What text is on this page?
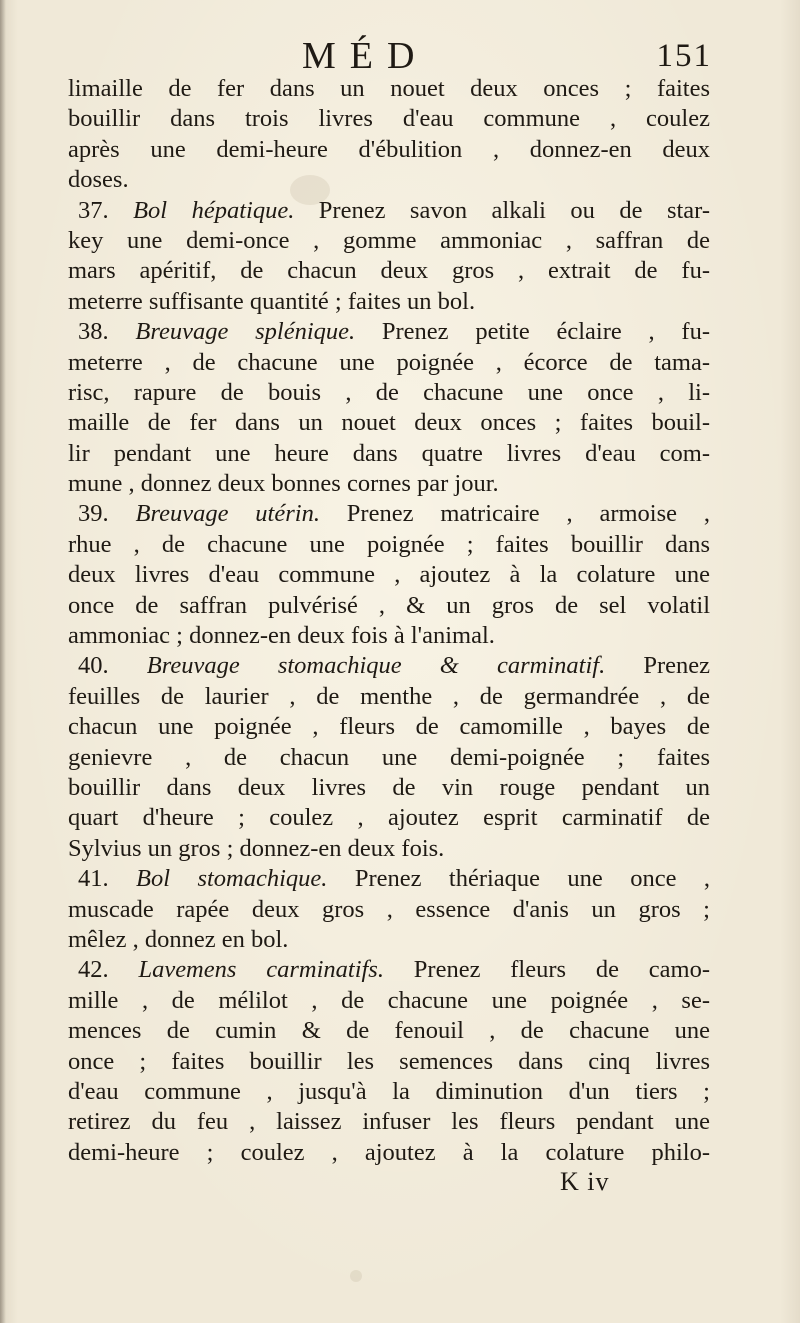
MÉD	151
limaille de fer dans un nouet deux onces ; faites
bouillir dans trois livres d'eau commune , coulez
après une demi-heure d'ébulition , donnez-en deux
doses.
37. Bol hépatique. Prenez savon alkali ou de star-
key une demi-once , gomme ammoniac , saffran de
mars apéritif, de chacun deux gros , extrait de fu-
meterre suffisante quantité ; faites un bol.
38. Breuvage splénique. Prenez petite éclaire , fu-
meterre , de chacune une poignée , écorce de tama-
risc, rapure de bouis , de chacune une once , li-
maille de fer dans un nouet deux onces ; faites bouil-
lir pendant une heure dans quatre livres d'eau com-
mune , donnez deux bonnes cornes par jour.
39. Breuvage utérin. Prenez matricaire , armoise ,
rhue , de chacune une poignée ; faites bouillir dans
deux livres d'eau commune , ajoutez à la colature une
once de saffran pulvérisé , & un gros de sel volatil
ammoniac ; donnez-en deux fois à l'animal.
40. Breuvage stomachique & carminatif. Prenez
feuilles de laurier , de menthe , de germandrée , de
chacun une poignée , fleurs de camomille , bayes de
genievre , de chacun une demi-poignée ; faites
bouillir dans deux livres de vin rouge pendant un
quart d'heure ; coulez , ajoutez esprit carminatif de
Sylvius un gros ; donnez-en deux fois.
41. Bol stomachique. Prenez thériaque une once ,
muscade rapée deux gros , essence d'anis un gros ;
mêlez , donnez en bol.
42. Lavemens carminatifs. Prenez fleurs de camo-
mille , de mélilot , de chacune une poignée , se-
mences de cumin & de fenouil , de chacune une
once ; faites bouillir les semences dans cinq livres
d'eau commune , jusqu'à la diminution d'un tiers ;
retirez du feu , laissez infuser les fleurs pendant une
demi-heure ; coulez , ajoutez à la colature philo-
K iv
